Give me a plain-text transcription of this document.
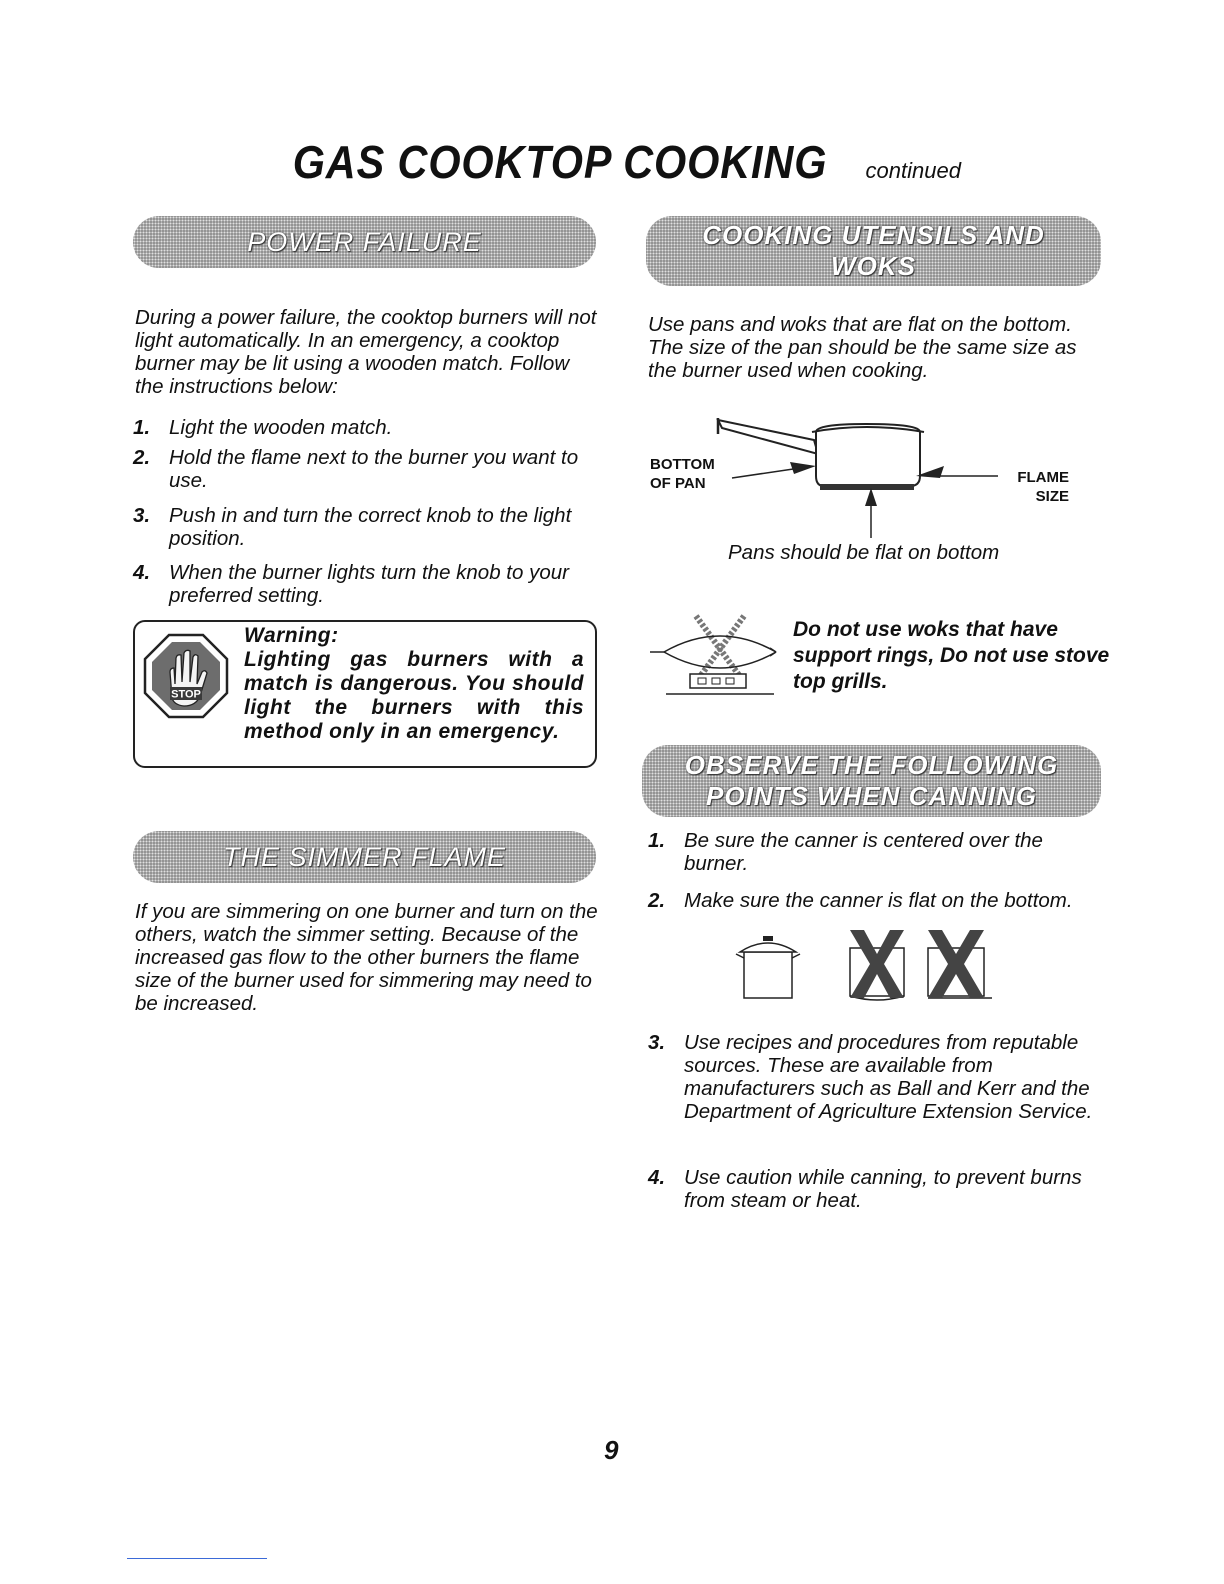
GAS COOKTOP COOKING continued
POWER FAILURE
During a power failure, the cooktop burners will not light automatically. In an emergency, a cooktop burner may be lit using a wooden match. Follow the instructions below:
1. Light the wooden match.
2. Hold the flame next to the burner you want to use.
3. Push in and turn the correct knob to the light position.
4. When the burner lights turn the knob to your preferred setting.
STOP
Warning:
Lighting gas burners with a match is dangerous. You should light the burners with this method only in an emergency.
THE SIMMER FLAME
If you are simmering on one burner and turn on the others, watch the simmer setting. Because of the increased gas flow to the other burners the flame size of the burner used for simmering may need to be increased.
COOKING UTENSILS AND
WOKS
Use pans and woks that are flat on the bottom. The size of the pan should be the same size as the burner used when cooking.
BOTTOM
OF PAN	FLAME
SIZE
Pans should be flat on bottom
Do not use woks that have support rings, Do not use stove top grills.
OBSERVE THE FOLLOWING
POINTS WHEN CANNING
1. Be sure the canner is centered over the burner.
2. Make sure the canner is flat on the bottom.
3. Use recipes and procedures from reputable sources. These are available from manufacturers such as Ball and Kerr and the Department of Agriculture Extension Service.
4. Use caution while canning, to prevent burns from steam or heat.
9
